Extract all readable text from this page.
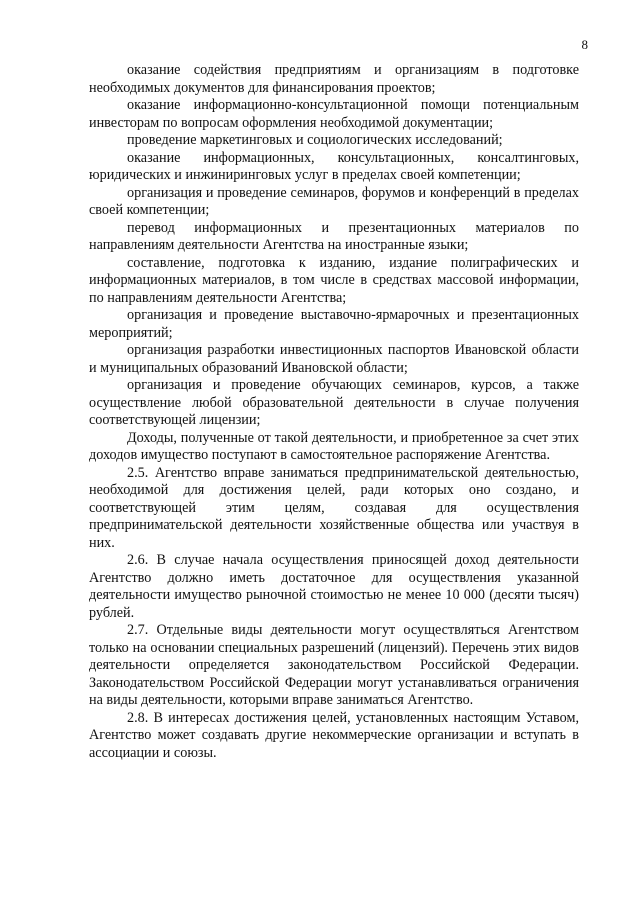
8

оказание содействия предприятиям и организациям в подготовке необходимых документов для финансирования проектов;

оказание информационно-консультационной помощи потенциальным инвесторам по вопросам оформления необходимой документации;

проведение маркетинговых и социологических исследований;

оказание информационных, консультационных, консалтинговых, юридических и инжиниринговых услуг в пределах своей компетенции;

организация и проведение семинаров, форумов и конференций в пределах своей компетенции;

перевод информационных и презентационных материалов по направлениям деятельности Агентства на иностранные языки;

составление, подготовка к изданию, издание полиграфических и информационных материалов, в том числе в средствах массовой информации, по направлениям деятельности Агентства;

организация и проведение выставочно-ярмарочных и презентационных мероприятий;

организация разработки инвестиционных паспортов Ивановской области и муниципальных образований Ивановской области;

организация и проведение обучающих семинаров, курсов, а также осуществление любой образовательной деятельности в случае получения соответствующей лицензии;

Доходы, полученные от такой деятельности, и приобретенное за счет этих доходов имущество поступают в самостоятельное распоряжение Агентства.

2.5. Агентство вправе заниматься предпринимательской деятельностью, необходимой для достижения целей, ради которых оно создано, и соответствующей этим целям, создавая для осуществления предпринимательской деятельности хозяйственные общества или участвуя в них.

2.6. В случае начала осуществления приносящей доход деятельности Агентство должно иметь достаточное для осуществления указанной деятельности имущество рыночной стоимостью не менее 10 000 (десяти тысяч) рублей.

2.7. Отдельные виды деятельности могут осуществляться Агентством только на основании специальных разрешений (лицензий). Перечень этих видов деятельности определяется законодательством Российской Федерации. Законодательством Российской Федерации могут устанавливаться ограничения на виды деятельности, которыми вправе заниматься Агентство.

2.8. В интересах достижения целей, установленных настоящим Уставом, Агентство может создавать другие некоммерческие организации и вступать в ассоциации и союзы.
